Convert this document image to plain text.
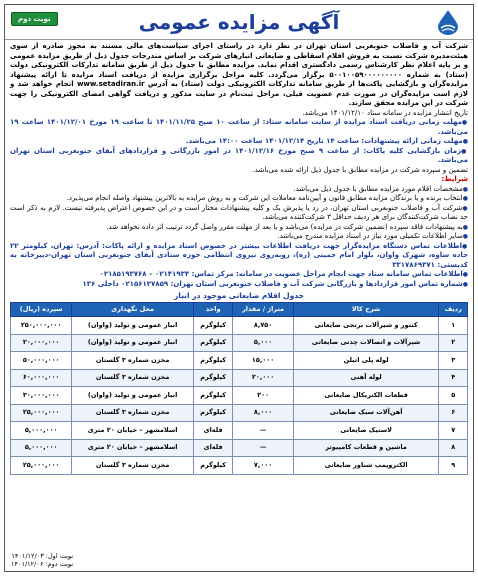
آگهی مزایده عمومی
نوبت دوم

شرکت آب و فاضلاب جنوبغربی استان تهران در نظر دارد در راستای اجرای سیاست‌های مالی مستند به مجوز صادره از سوی هیئت‌مدیره شرکت نسبت به فروش اقلام اسقاطی و ضایعاتی انبارهای شرکت بر اساس مندرجات جدول ذیل از طریق مزایده عمومی و بر پایه اعلام نظر کارشناس رسمی دادگستری اقدام نماید. مزایده مطابق با جدول ذیل از طریق سامانه تدارکات الکترونیکی دولت (ستاد) به شماره ۵۰۰۱۰۰۵۹۰۰۰۰۰۰۰۰۰ برگزار می‌گردد. کلیه مراحل برگزاری مزایده از دریافت اسناد مزایده تا ارائه پیشنهاد مزایده‌گران و بازگشایی پاکت‌ها از طریق سامانه تدارکات الکترونیکی دولت (ستاد) به آدرس www.setadiran.ir انجام خواهد شد و لازم است مزایده‌گران در صورت عدم عضویت قبلی، مراحل ثبت‌نام در سایت مذکور و دریافت گواهی امضای الکترونیکی را جهت شرکت در این مزایده محقق سازند.

تاریخ انتشار مزایده در سامانه ستاد ۱۴۰۱/۱۲/۱۰ می‌باشد.

● مهلت زمانی دریافت اسناد مزایده از سایت سامانه ستاد: از ساعت ۱۰ صبح ۱۴۰۱/۱۱/۲۵ تا ساعت ۱۹ مورخ ۱۴۰۱/۱۲/۰۱ ساعت ۱۹ می‌باشد.

● مهلت زمانی ارائه پیشنهادات: ساعت ۱۴ تاریخ ۱۴۰۱/۱۲/۱۴ ساعت ۱۴:۰۰ می‌باشد.

● زمان بازگشایی کلیه پاکات: از ساعت ۹ صبح مورخ ۱۴۰۱/۱۲/۱۶ در امور بازرگانی و قراردادهای آبفای جنوبغربی استان تهران می‌باشد.

تضمین و سپرده شرکت در مزایده مطابق با جدول ذیل ارائه شده می‌باشد.

شرایط:

● مشخصات اقلام مورد مزایده مطابق با جدول ذیل می‌باشد.

● انتخاب برنده و یا برندگان مزایده مطابق قانون و آیین‌نامه معاملات این شرکت و به روش مزایده به بالاترین پیشنهاد واصله انجام می‌پذیرد.

● شرکت آب و فاضلاب جنوبغربی استان تهران، در رد یا پذیرش یک و کلیه پیشنهادات مختار است و در این خصوص اعتراض پذیرفته نیست. لازم به ذکر است حد نصاب شرکت‌کنندگان برای هر ردیف حداقل ۳ شرکت‌کننده می‌باشد.

● به پیشنهادات فاقد سپرده (تضمین شرکت در مزایده) می‌باشد و یا بعد از مهلت مقرر واصل گردد ترتیب اثر داده نخواهد شد.

● سایر اطلاعات تکمیلی مورد نیاز در اسناد مزایده مندرج می‌باشد.

● اطلاعات تماس دستگاه مزایده‌گزار جهت دریافت اطلاعات بیشتر در خصوص اسناد مزایده و ارائه پاکات: آدرس: تهران، کیلومتر ۲۲ جاده ساوه، شهرک واوان، بلوار امام خمینی (ره)، روبه‌روی نیروی انتظامی حوزه ستادی آبفای جنوبغربی استان تهران-دبیرخانه به کدپستی: ۳۳۱۷۸۶۹۳۷۱

● اطلاعات تماس سامانه ستاد جهت انجام مراحل عضویت در سامانه: مرکز تماس: ۰۲۱۴۱۹۳۴ – ۰۲۱۸۵۱۹۳۷۶۸

● شماره تماس امور قراردادها و بازرگانی شرکت آب و فاضلاب جنوبغربی استان تهران: ۰۲۱۵۶۱۲۷۸۵۹ داخلی ۱۳۶

جدول اقلام ضایعاتی موجود در انبار
ردیف	شرح کالا	متراژ / مقدار	واحد	محل نگهداری	سپرده (ریال)
۱	کنتور و شیرآلات برنجی ضایعاتی	۸,۷۵۰	کیلوگرم	انبار عمومی و تولید (واوان)	۲۵۰,۰۰۰,۰۰۰
۲	شیرآلات و اتصالات چدنی ضایعاتی	۵,۰۰۰	کیلوگرم	انبار عمومی و تولید (واوان)	۲۰,۰۰۰,۰۰۰
۳	لوله پلی اتیلن	۱۵,۰۰۰	کیلوگرم	مخزن شماره ۳ گلستان	۵۰,۰۰۰,۰۰۰
۴	لوله آهنی	۲۰,۰۰۰	کیلوگرم	مخزن شماره ۳ گلستان	۶۰,۰۰۰,۰۰۰
۵	قطعات الکتریکال ضایعاتی	۲۰۰	کیلوگرم	انبار عمومی و تولید (واوان)	۳۰,۰۰۰,۰۰۰
۶	آهن‌آلات سبک ضایعاتی	۸,۰۰۰	کیلوگرم	مخزن شماره ۳ گلستان	۲۵,۰۰۰,۰۰۰
۷	لاستیک ضایعاتی	—	فله‌ای	اسلامشهر – خیابان ۲۰ متری	۵,۰۰۰,۰۰۰
۸	ماشین و قطعات کامپیوتر	—	فله‌ای	اسلامشهر – خیابان ۲۰ متری	۵,۰۰۰,۰۰۰
۹	الکتروپمپ شناور ضایعاتی	۷,۰۰۰	کیلوگرم	مخزن شماره ۳ گلستان	۲۵,۰۰۰,۰۰۰
نوبت اول: ۱۴۰۱/۱۲/۰۳
نوبت دوم: ۱۴۰۱/۱۲/۰۶
